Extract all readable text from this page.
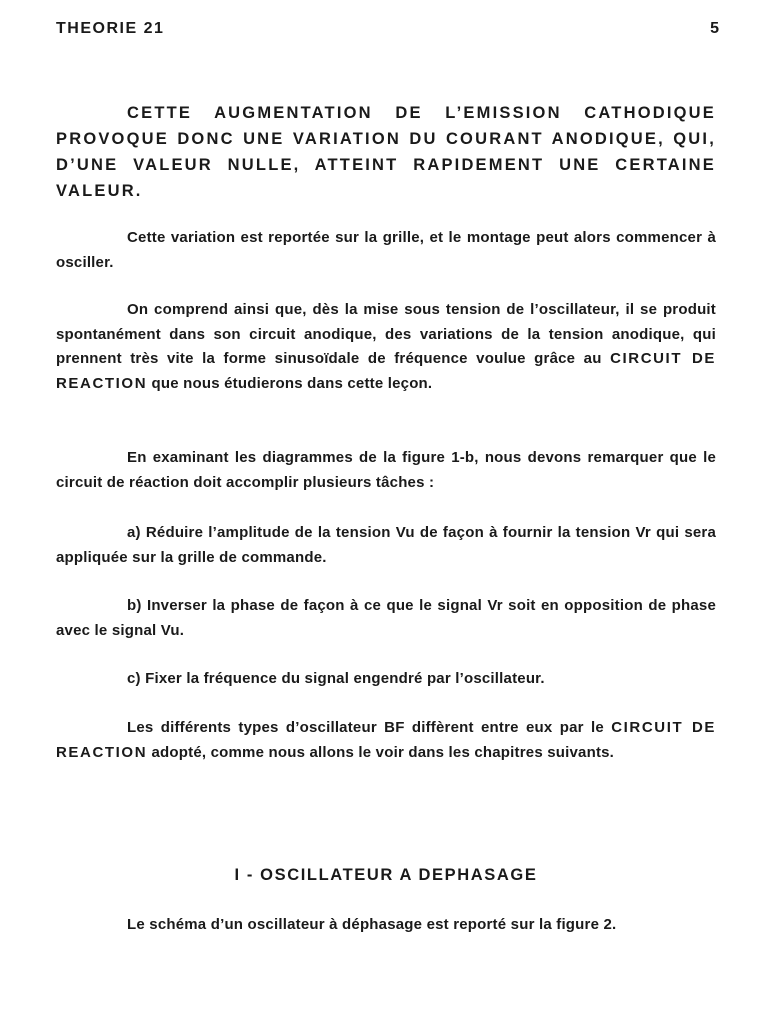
THEORIE 21	5

CETTE AUGMENTATION DE L’EMISSION CATHODIQUE PROVOQUE DONC UNE VARIATION DU COURANT ANODIQUE, QUI, D’UNE VALEUR NULLE, ATTEINT RAPIDEMENT UNE CERTAINE VALEUR.

Cette variation est reportée sur la grille, et le montage peut alors commencer à osciller.

On comprend ainsi que, dès la mise sous tension de l’oscillateur, il se produit spontanément dans son circuit anodique, des variations de la tension anodique, qui prennent très vite la forme sinusoïdale de fréquence voulue grâce au CIRCUIT DE REACTION que nous étudierons dans cette leçon.

En examinant les diagrammes de la figure 1-b, nous devons remarquer que le circuit de réaction doit accomplir plusieurs tâches :

a) Réduire l’amplitude de la tension Vu de façon à fournir la tension Vr qui sera appliquée sur la grille de commande.

b) Inverser la phase de façon à ce que le signal Vr soit en opposition de phase avec le signal Vu.

c) Fixer la fréquence du signal engendré par l’oscillateur.

Les différents types d’oscillateur BF diffèrent entre eux par le CIRCUIT DE REACTION adopté, comme nous allons le voir dans les chapitres suivants.

I - OSCILLATEUR A DEPHASAGE

Le schéma d’un oscillateur à déphasage est reporté sur la figure 2.
